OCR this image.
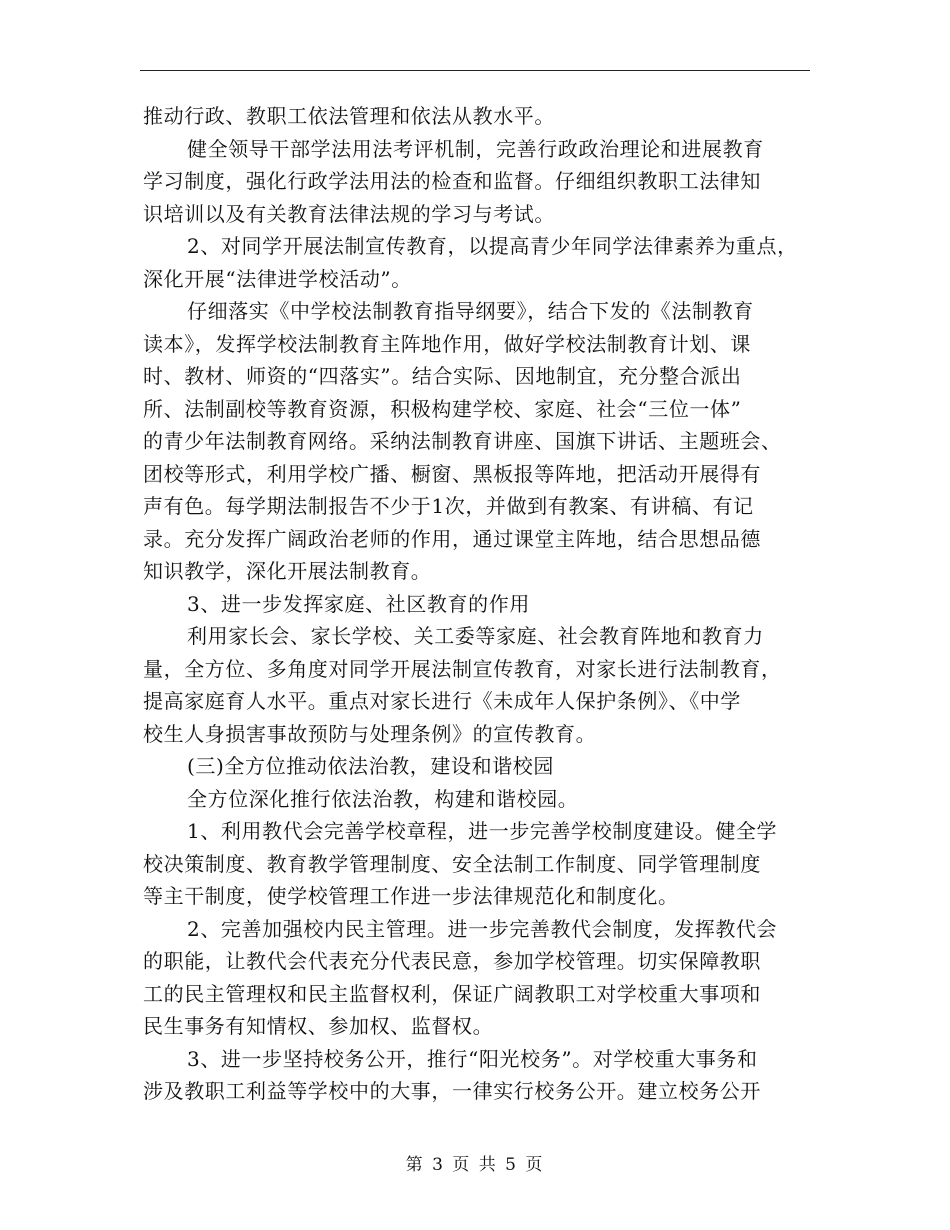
推动行政、教职工依法管理和依法从教水平。
健全领导干部学法用法考评机制，完善行政政治理论和进展教育
学习制度，强化行政学法用法的检查和监督。仔细组织教职工法律知
识培训以及有关教育法律法规的学习与考试。
2、对同学开展法制宣传教育，以提高青少年同学法律素养为重点，
深化开展“法律进学校活动”。
仔细落实《中学校法制教育指导纲要》，结合下发的《法制教育
读本》，发挥学校法制教育主阵地作用，做好学校法制教育计划、课
时、教材、师资的“四落实”。结合实际、因地制宜，充分整合派出
所、法制副校等教育资源，积极构建学校、家庭、社会“三位一体”
的青少年法制教育网络。采纳法制教育讲座、国旗下讲话、主题班会、
团校等形式，利用学校广播、橱窗、黑板报等阵地，把活动开展得有
声有色。每学期法制报告不少于1次，并做到有教案、有讲稿、有记
录。充分发挥广阔政治老师的作用，通过课堂主阵地，结合思想品德
知识教学，深化开展法制教育。
3、进一步发挥家庭、社区教育的作用
利用家长会、家长学校、关工委等家庭、社会教育阵地和教育力
量，全方位、多角度对同学开展法制宣传教育，对家长进行法制教育，
提高家庭育人水平。重点对家长进行《未成年人保护条例》、《中学
校生人身损害事故预防与处理条例》的宣传教育。
(三)全方位推动依法治教，建设和谐校园
全方位深化推行依法治教，构建和谐校园。
1、利用教代会完善学校章程，进一步完善学校制度建设。健全学
校决策制度、教育教学管理制度、安全法制工作制度、同学管理制度
等主干制度，使学校管理工作进一步法律规范化和制度化。
2、完善加强校内民主管理。进一步完善教代会制度，发挥教代会
的职能，让教代会代表充分代表民意，参加学校管理。切实保障教职
工的民主管理权和民主监督权利，保证广阔教职工对学校重大事项和
民生事务有知情权、参加权、监督权。
3、进一步坚持校务公开，推行“阳光校务”。对学校重大事务和
涉及教职工利益等学校中的大事，一律实行校务公开。建立校务公开
第 3 页 共 5 页
